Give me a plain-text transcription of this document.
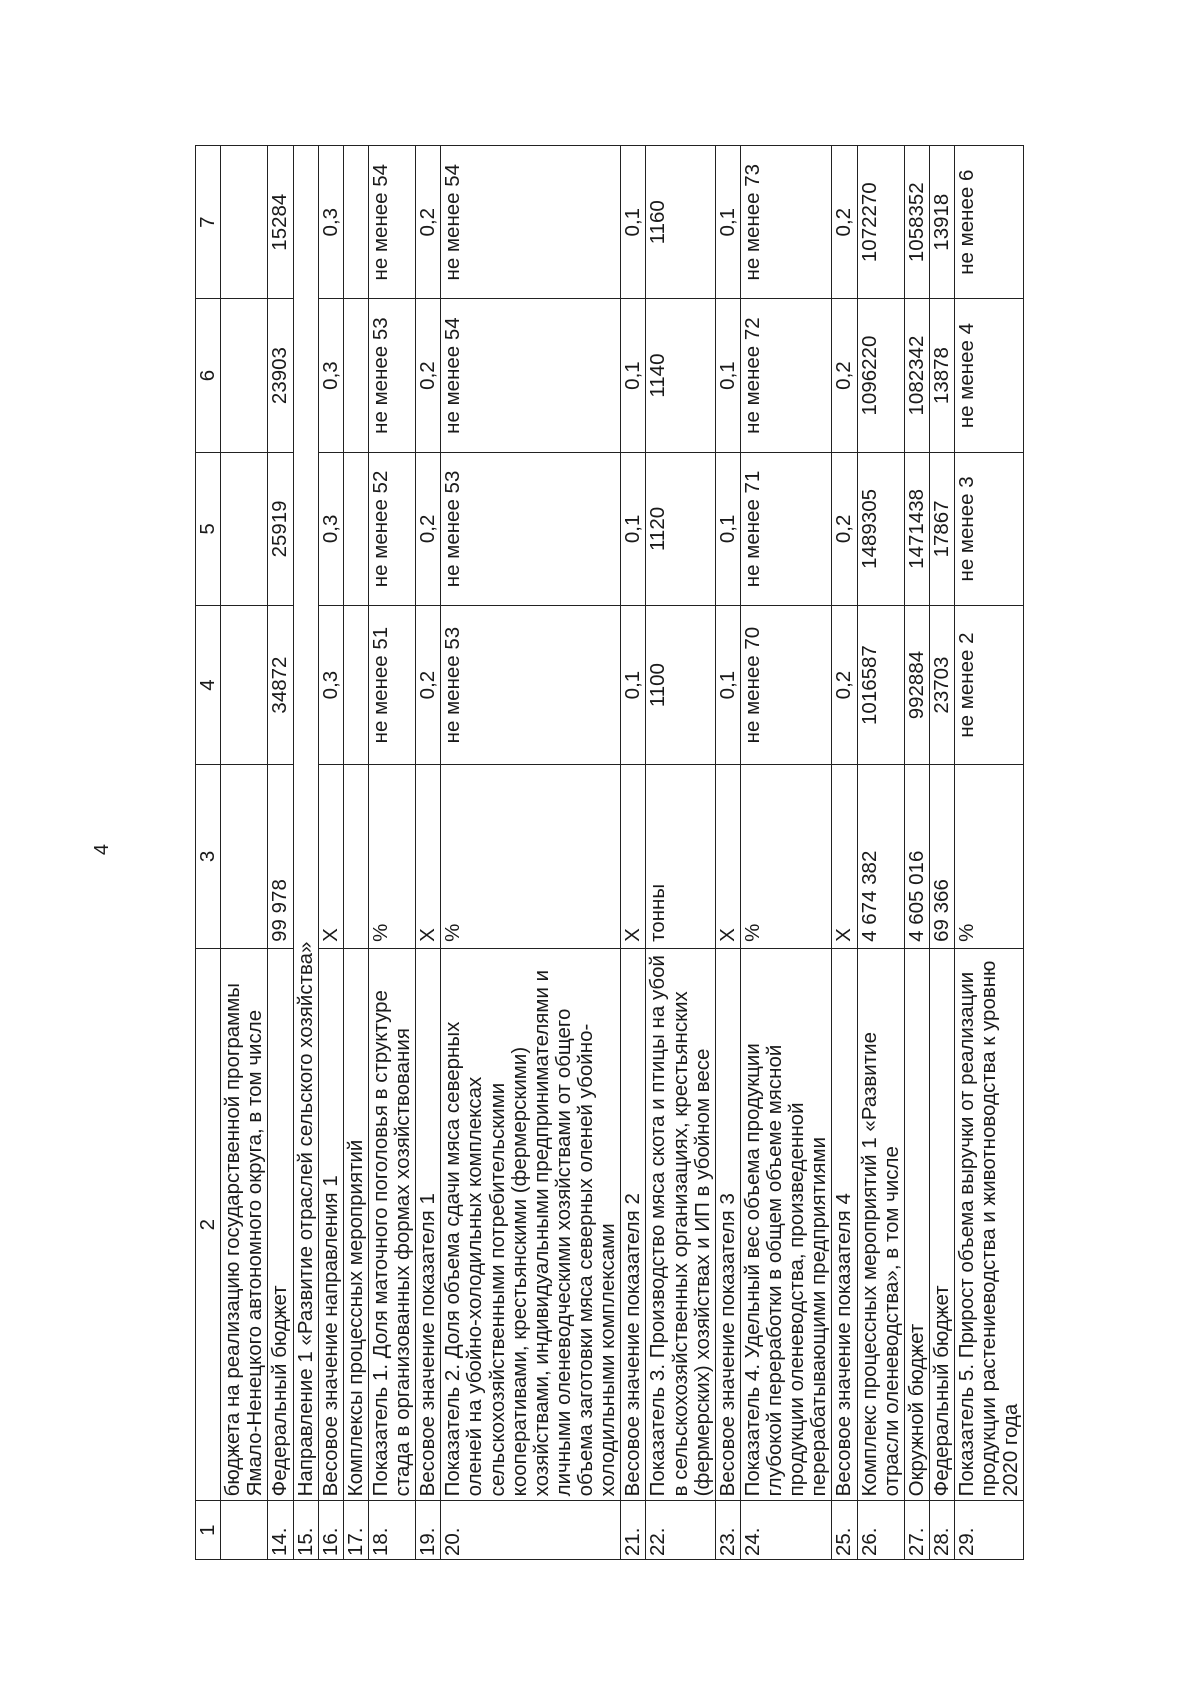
4
1	2	3	4	5	6	7
	бюджета на реализацию государственной программы Ямало-Ненецкого автономного округа, в том числе					
14.	Федеральный бюджет	99 978	34872	25919	23903	15284
15.	Направление 1 «Развитие отраслей сельского хозяйства»					
16.	Весовое значение направления 1	X	0,3	0,3	0,3	0,3
17.	Комплексы процессных мероприятий					
18.	Показатель 1. Доля маточного поголовья в структуре стада в организованных формах хозяйствования	%	не менее 51	не менее 52	не менее 53	не менее 54
19.	Весовое значение показателя 1	X	0,2	0,2	0,2	0,2
20.	Показатель 2. Доля объема сдачи мяса северных оленей на убойно-холодильных комплексах сельскохозяйственными потребительскими кооперативами, крестьянскими (фермерскими) хозяйствами, индивидуальными предпринимателями и личными оленеводческими хозяйствами от общего объема заготовки мяса северных оленей убойно-холодильными комплексами	%	не менее 53	не менее 53	не менее 54	не менее 54
21.	Весовое значение показателя 2	X	0,1	0,1	0,1	0,1
22.	Показатель 3. Производство мяса скота и птицы на убой в сельскохозяйственных организациях, крестьянских (фермерских) хозяйствах и ИП в убойном весе	тонны	1100	1120	1140	1160
23.	Весовое значение показателя 3	X	0,1	0,1	0,1	0,1
24.	Показатель 4. Удельный вес объема продукции глубокой переработки в общем объеме мясной продукции оленеводства, произведенной перерабатывающими предприятиями	%	не менее 70	не менее 71	не менее 72	не менее 73
25.	Весовое значение показателя 4	X	0,2	0,2	0,2	0,2
26.	Комплекс процессных мероприятий 1 «Развитие отрасли оленеводства», в том числе	4 674 382	1016587	1489305	1096220	1072270
27.	Окружной бюджет	4 605 016	992884	1471438	1082342	1058352
28.	Федеральный бюджет	69 366	23703	17867	13878	13918
29.	Показатель 5. Прирост объема выручки от реализации продукции растениеводства и животноводства к уровню 2020 года	%	не менее 2	не менее 3	не менее 4	не менее 6
